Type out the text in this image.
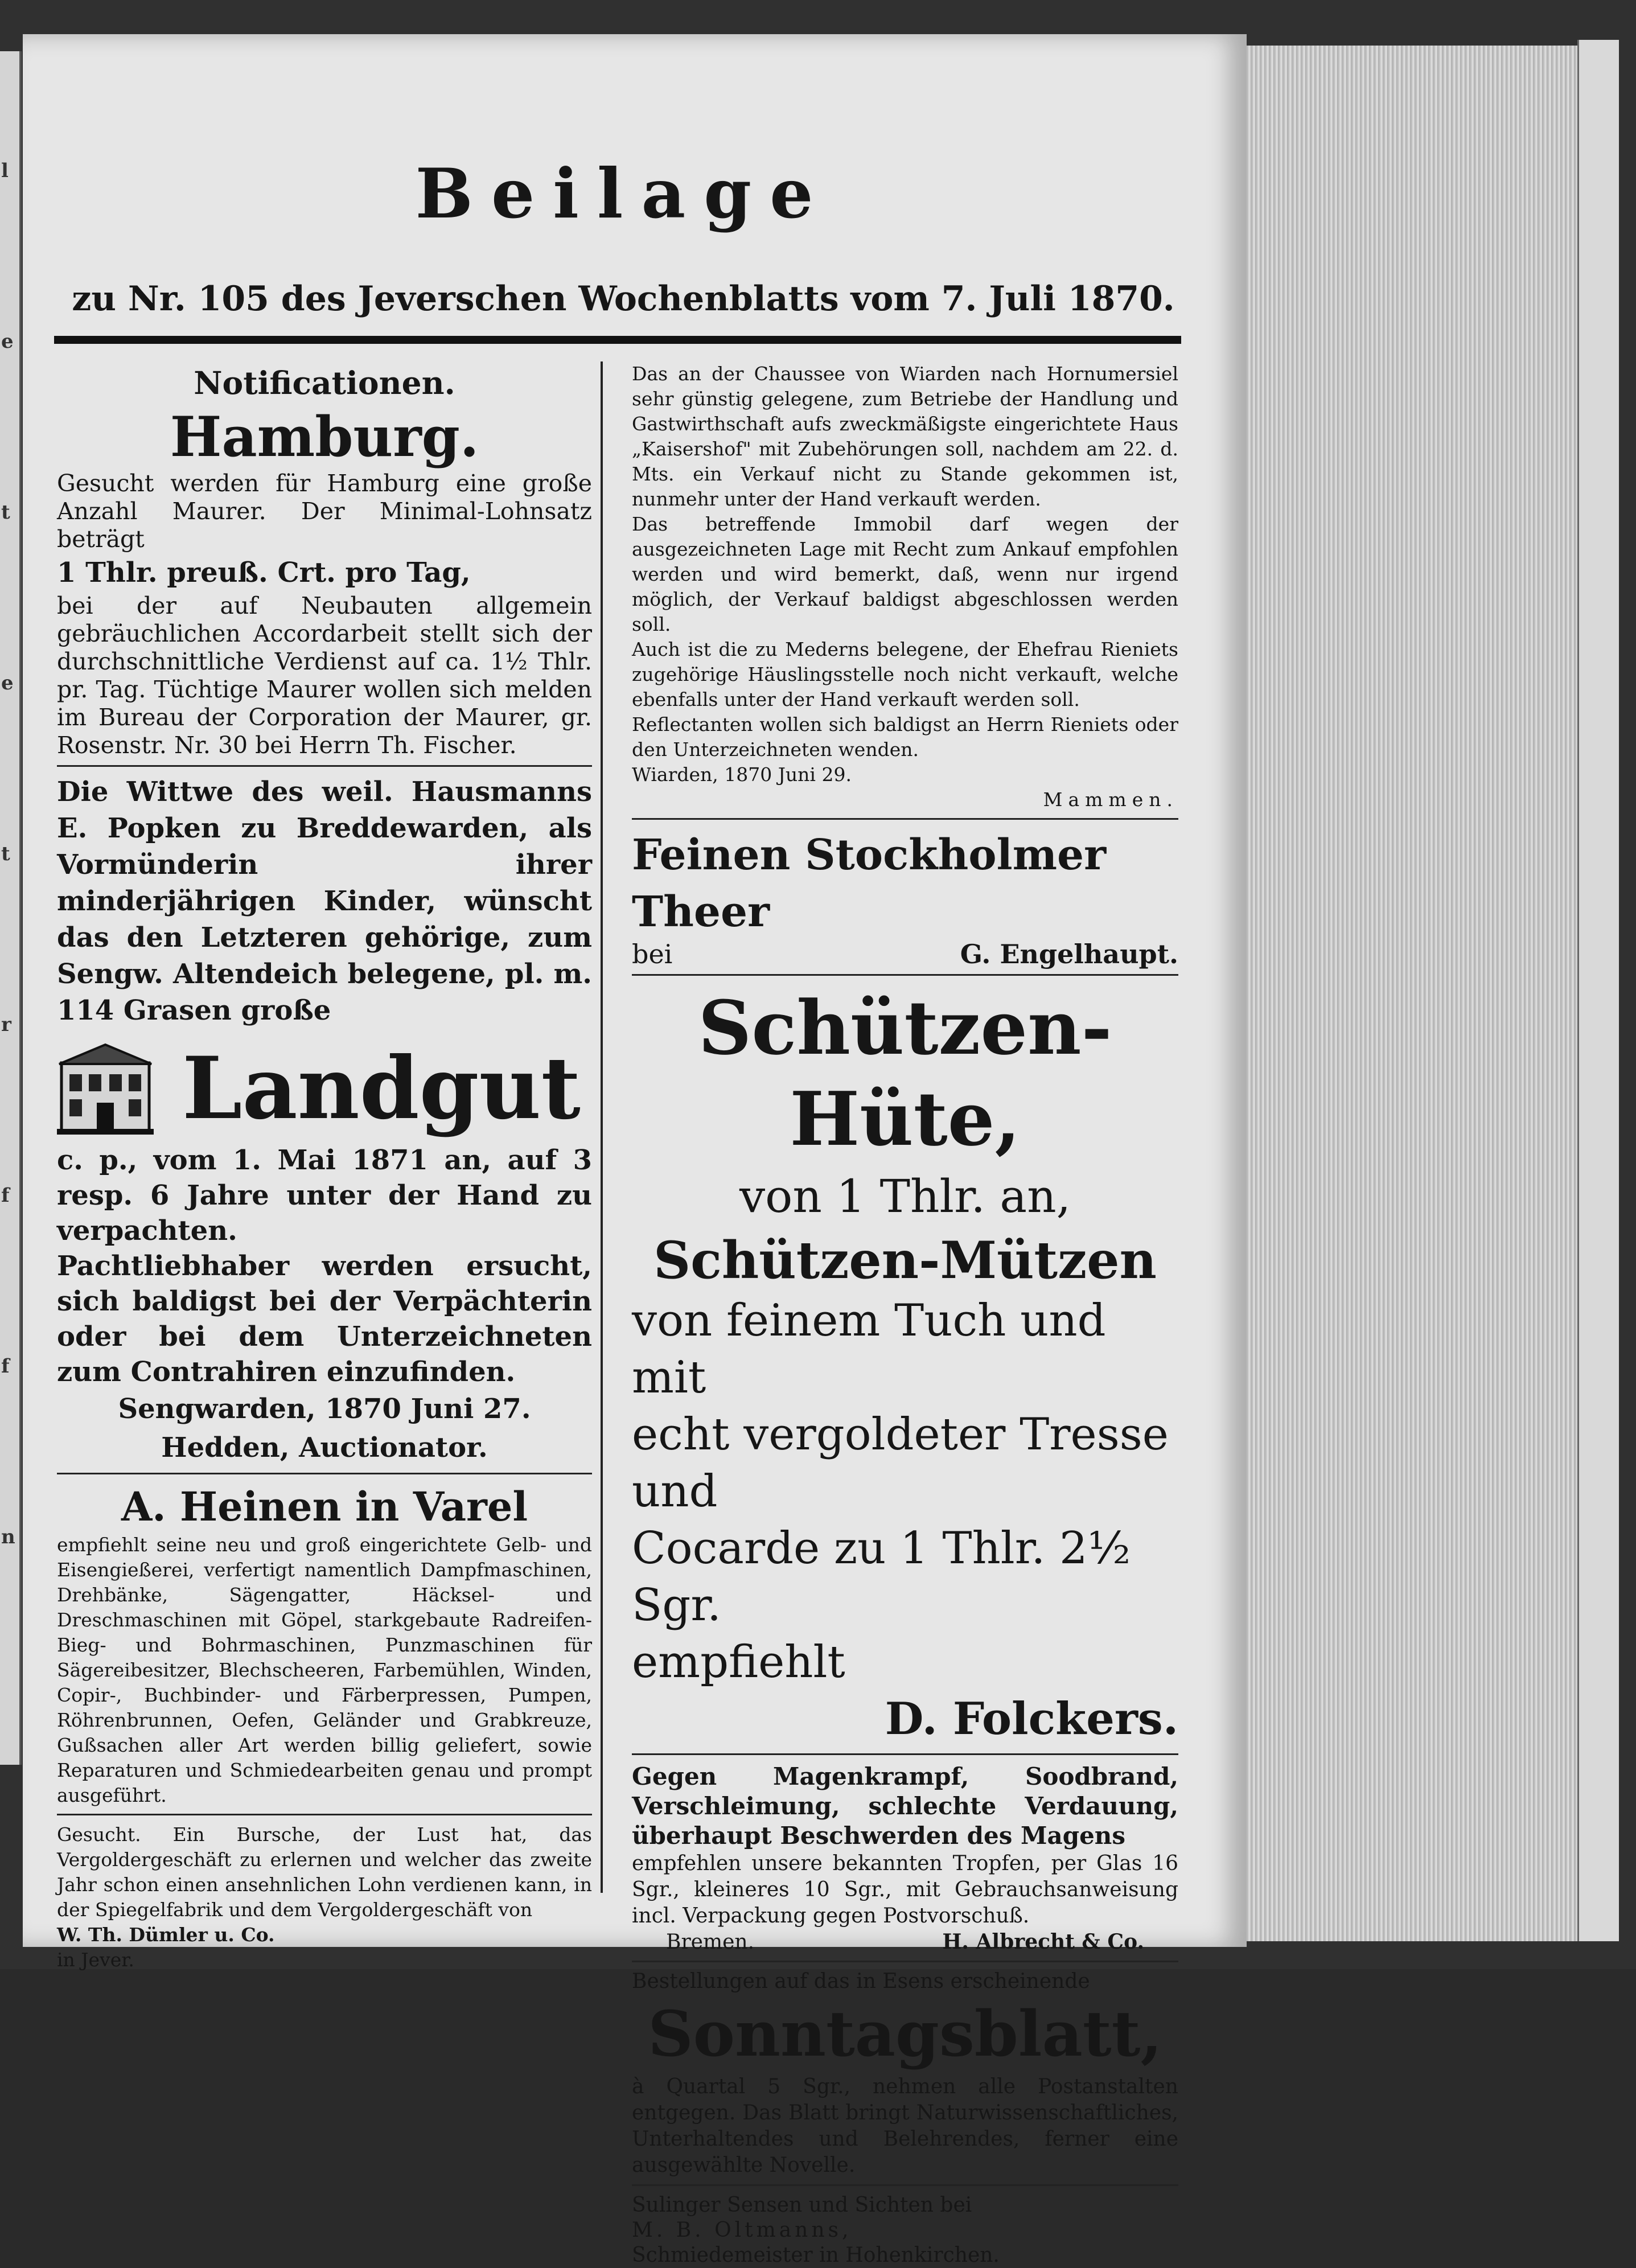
l
e
t
e
t
r
f
f
n
Beilage
zu Nr. 105 des Jeverschen Wochenblatts vom 7. Juli 1870.

Notificationen.

Hamburg.

Gesucht werden für Hamburg eine große Anzahl Maurer. Der Minimal-Lohnsatz beträgt

1 Thlr. preuß. Crt. pro Tag,

bei der auf Neubauten allgemein gebräuchlichen Accordarbeit stellt sich der durchschnittliche Verdienst auf ca. 1½ Thlr. pr. Tag. Tüchtige Maurer wollen sich melden im Bureau der Corporation der Maurer, gr. Rosenstr. Nr. 30 bei Herrn Th. Fischer.

Die Wittwe des weil. Hausmanns E. Popken zu Breddewarden, als Vormünderin ihrer minderjährigen Kinder, wünscht das den Letzteren gehörige, zum Sengw. Altendeich belegene, pl. m. 114 Grasen große

Landgut

c. p., vom 1. Mai 1871 an, auf 3 resp. 6 Jahre unter der Hand zu verpachten.

Pachtliebhaber werden ersucht, sich baldigst bei der Verpächterin oder bei dem Unterzeichneten zum Contrahiren einzufinden.

Sengwarden, 1870 Juni 27.

Hedden, Auctionator.

A. Heinen in Varel

empfiehlt seine neu und groß eingerichtete Gelb- und Eisengießerei, verfertigt namentlich Dampfmaschinen, Drehbänke, Sägengatter, Häcksel- und Dreschmaschinen mit Göpel, starkgebaute Radreifen-Bieg- und Bohrmaschinen, Punzmaschinen für Sägereibesitzer, Blechscheeren, Farbemühlen, Winden, Copir-, Buchbinder- und Färberpressen, Pumpen, Röhrenbrunnen, Oefen, Geländer und Grabkreuze, Gußsachen aller Art werden billig geliefert, sowie Reparaturen und Schmiedearbeiten genau und prompt ausgeführt.

Gesucht. Ein Bursche, der Lust hat, das Vergoldergeschäft zu erlernen und welcher das zweite Jahr schon einen ansehnlichen Lohn verdienen kann, in der Spiegelfabrik und dem Vergoldergeschäft von

W. Th. Dümler u. Co.

in Jever.

Das an der Chaussee von Wiarden nach Hornumersiel sehr günstig gelegene, zum Betriebe der Handlung und Gastwirthschaft aufs zweckmäßigste eingerichtete Haus „Kaisershof" mit Zubehörungen soll, nachdem am 22. d. Mts. ein Verkauf nicht zu Stande gekommen ist, nunmehr unter der Hand verkauft werden.

Das betreffende Immobil darf wegen der ausgezeichneten Lage mit Recht zum Ankauf empfohlen werden und wird bemerkt, daß, wenn nur irgend möglich, der Verkauf baldigst abgeschlossen werden soll.

Auch ist die zu Mederns belegene, der Ehefrau Rieniets zugehörige Häuslingsstelle noch nicht verkauft, welche ebenfalls unter der Hand verkauft werden soll.

Reflectanten wollen sich baldigst an Herrn Rieniets oder den Unterzeichneten wenden.

Wiarden, 1870 Juni 29.

Mammen.

Feinen Stockholmer Theer

bei	G. Engelhaupt.

Schützen-Hüte,

von 1 Thlr. an,

Schützen-Mützen

von feinem Tuch und mit

echt vergoldeter Tresse und

Cocarde zu 1 Thlr. 2½ Sgr.

empfiehlt

D. Folckers.

Gegen Magenkrampf, Soodbrand, Verschleimung, schlechte Verdauung, überhaupt Beschwerden des Magens

empfehlen unsere bekannten Tropfen, per Glas 16 Sgr., kleineres 10 Sgr., mit Gebrauchsanweisung incl. Verpackung gegen Postvorschuß.

Bremen.	H. Albrecht & Co.

Bestellungen auf das in Esens erscheinende

Sonntagsblatt,

à Quartal 5 Sgr., nehmen alle Postanstalten entgegen. Das Blatt bringt Naturwissenschaftliches, Unterhaltendes und Belehrendes, ferner eine ausgewählte Novelle.

Sulinger Sensen und Sichten bei

M. B. Oltmanns,

Schmiedemeister in Hohenkirchen.
